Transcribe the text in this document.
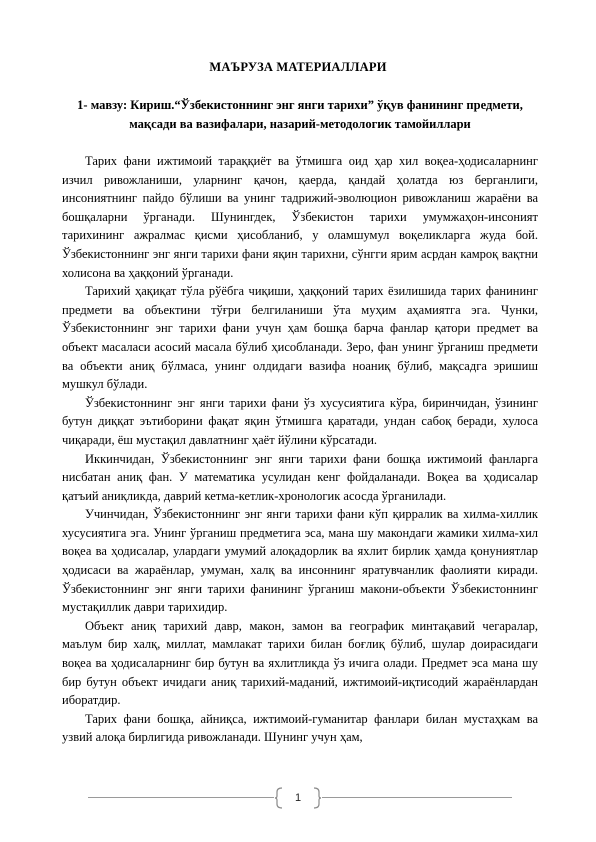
МАЪРУЗА МАТЕРИАЛЛАРИ
1- мавзу: Кириш.“Ўзбекистоннинг энг янги тарихи” ўқув фанининг предмети, мақсади ва вазифалари, назарий-методологик тамойиллари

Тарих фани ижтимоий тараққиёт ва ўтмишга оид ҳар хил воқеа-ҳодисаларнинг изчил ривожланиши, уларнинг қачон, қаерда, қандай ҳолатда юз берганлиги, инсониятнинг пайдо бўлиши ва унинг тадрижий-эволюцион ривожланиш жараёни ва бошқаларни ўрганади. Шунингдек, Ўзбекистон тарихи умумжаҳон-инсоният тарихининг ажралмас қисми ҳисобланиб, у оламшумул воқеликларга жуда бой. Ўзбекистоннинг энг янги тарихи фани яқин тарихни, сўнгги ярим асрдан камроқ вақтни холисона ва ҳаққоний ўрганади.

Тарихий ҳақиқат тўла рўёбга чиқиши, ҳаққоний тарих ёзилишида тарих фанининг предмети ва объектини тўғри белгиланиши ўта муҳим аҳамиятга эга. Чунки, Ўзбекистоннинг энг тарихи фани учун ҳам бошқа барча фанлар қатори предмет ва объект масаласи асосий масала бўлиб ҳисобланади. Зеро, фан унинг ўрганиш предмети ва объекти аниқ бўлмаса, унинг олдидаги вазифа ноаниқ бўлиб, мақсадга эришиш мушкул бўлади.

Ўзбекистоннинг энг янги тарихи фани ўз хусусиятига кўра, биринчидан, ўзининг бутун диққат эътиборини фақат яқин ўтмишга қаратади, ундан сабоқ беради, хулоса чиқаради, ёш мустақил давлатнинг ҳаёт йўлини кўрсатади.

Иккинчидан, Ўзбекистоннинг энг янги тарихи фани бошқа ижтимоий фанларга нисбатан аниқ фан. У математика усулидан кенг фойдаланади. Воқеа ва ҳодисалар қатъий аниқликда, даврий кетма-кетлик-хронологик асосда ўрганилади.

Учинчидан, Ўзбекистоннинг энг янги тарихи фани кўп қирралик ва хилма-хиллик хусусиятига эга. Унинг ўрганиш предметига эса, мана шу макондаги жамики хилма-хил воқеа ва ҳодисалар, улардаги умумий алоқадорлик ва яхлит бирлик ҳамда қонуниятлар ҳодисаси ва жараёнлар, умуман, халқ ва инсоннинг яратувчанлик фаолияти киради. Ўзбекистоннинг энг янги тарихи фанининг ўрганиш макони-объекти Ўзбекистоннинг мустақиллик даври тарихидир.

Объект аниқ тарихий давр, макон, замон ва географик минтақавий чегаралар, маълум бир халқ, миллат, мамлакат тарихи билан боғлиқ бўлиб, шулар доирасидаги воқеа ва ҳодисаларнинг бир бутун ва яхлитликда ўз ичига олади. Предмет эса мана шу бир бутун объект ичидаги аниқ тарихий-маданий, ижтимоий-иқтисодий жараёнлардан иборатдир.

Тарих фани бошқа, айниқса, ижтимоий-гуманитар фанлари билан мустаҳкам ва узвий алоқа бирлигида ривожланади. Шунинг учун ҳам,

1
